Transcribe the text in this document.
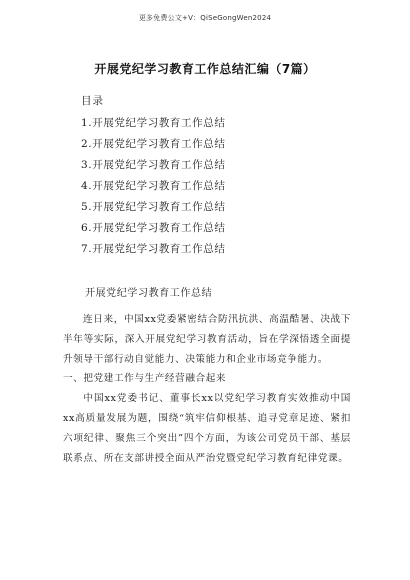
更多免费公文+V：QiSeGongWen2024
开展党纪学习教育工作总结汇编（7篇）
目录
1.开展党纪学习教育工作总结
2.开展党纪学习教育工作总结
3.开展党纪学习教育工作总结
4.开展党纪学习教育工作总结
5.开展党纪学习教育工作总结
6.开展党纪学习教育工作总结
7.开展党纪学习教育工作总结
开展党纪学习教育工作总结

连日来，中国xx党委紧密结合防汛抗洪、高温酷暑、决战下半年等实际，深入开展党纪学习教育活动，旨在学深悟透全面提升领导干部行动自觉能力、决策能力和企业市场竞争能力。

一、把党建工作与生产经营融合起来

中国xx党委书记、董事长xx以党纪学习教育实效推动中国xx高质量发展为题，围绕“筑牢信仰根基、追寻党章足迹、紧扣六项纪律、聚焦三个突出”四个方面，为该公司党员干部、基层联系点、所在支部讲授全面从严治党暨党纪学习教育纪律党课。
